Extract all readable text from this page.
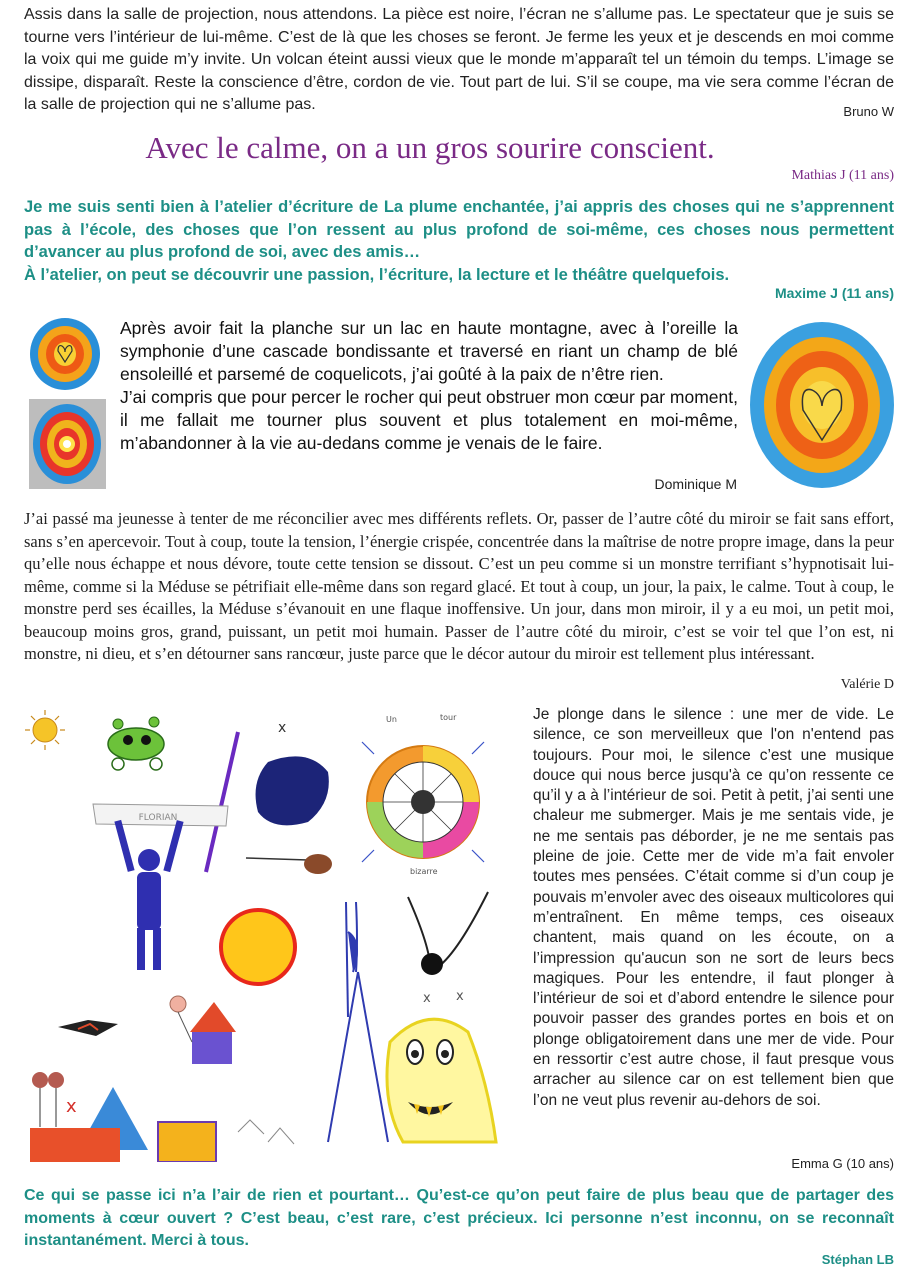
Assis dans la salle de projection, nous attendons. La pièce est noire, l’écran ne s’allume pas. Le spectateur que je suis se tourne vers l’intérieur de lui-même. C’est de là que les choses se feront. Je ferme les yeux et je descends en moi comme la voix qui me guide m’y invite. Un volcan éteint aussi vieux que le monde m’apparaît tel un témoin du temps. L’image se dissipe, disparaît. Reste la conscience d’être, cordon de vie. Tout part de lui. S’il se coupe, ma vie sera comme l’écran de la salle de projection qui ne s’allume pas.	Bruno W
Avec le calme, on a un gros sourire conscient.
Mathias J (11 ans)
Je me suis senti bien à l’atelier d’écriture de La plume enchantée, j’ai appris des choses qui ne s’apprennent pas à l’école, des choses que l’on ressent au plus profond de soi-même, ces choses nous permettent d’avancer au plus profond de soi, avec des amis…
À l’atelier, on peut se découvrir une passion, l’écriture, la lecture et le théâtre quelquefois.
Maxime J (11 ans)
Après avoir fait la planche sur un lac en haute montagne, avec à l’oreille la symphonie d’une cascade bondissante et traversé en riant un champ de blé ensoleillé et parsemé de coquelicots, j’ai goûté à la paix de n’être rien.
J’ai compris que pour percer le rocher qui peut obstruer mon cœur par moment, il me fallait me tourner plus souvent et plus totalement en moi-même, m’abandonner à la vie au-dedans comme je venais de le faire.
Dominique M
J’ai passé ma jeunesse à tenter de me réconcilier avec mes différents reflets. Or, passer de l’autre côté du miroir se fait sans effort, sans s’en apercevoir. Tout à coup, toute la tension, l’énergie crispée, concentrée dans la maîtrise de notre propre image, dans la peur qu’elle nous échappe et nous dévore, toute cette tension se dissout. C’est un peu comme si un monstre terrifiant s’hypnotisait lui-même, comme si la Méduse se pétrifiait elle-même dans son regard glacé. Et tout à coup, un jour, la paix, le calme. Tout à coup, le monstre perd ses écailles, la Méduse s’évanouit en une flaque inoffensive. Un jour, dans mon miroir, il y a eu moi, un petit moi, beaucoup moins gros, grand, puissant, un petit moi humain. Passer de l’autre côté du miroir, c’est se voir tel que l’on est, ni monstre, ni dieu, et s’en détourner sans rancœur, juste parce que le décor autour du miroir est tellement plus intéressant.
Valérie D
x
FLORIAN
Un	tour
bizarre
x x
x
Je plonge dans le silence : une mer de vide. Le silence, ce son merveilleux que l'on n'entend pas toujours. Pour moi, le silence c’est une musique douce qui nous berce jusqu'à ce qu’on ressente ce qu’il y a à l’intérieur de soi. Petit à petit, j’ai senti une chaleur me submerger. Mais je me sentais vide, je ne me sentais pas déborder, je ne me sentais pas pleine de joie. Cette mer de vide m’a fait envoler toutes mes pensées. C’était comme si d’un coup je pouvais m’envoler avec des oiseaux multicolores qui m’entraînent. En même temps, ces oiseaux chantent, mais quand on les écoute, on a l’impression qu'aucun son ne sort de leurs becs magiques. Pour les entendre, il faut plonger à l’intérieur de soi et d’abord entendre le silence pour pouvoir passer des grandes portes en bois et on plonge obligatoirement dans une mer de vide. Pour en ressortir c’est autre chose, il faut presque vous arracher au silence car on est tellement bien que l’on ne veut plus revenir au-dehors de soi.
Emma G (10 ans)
Ce qui se passe ici n’a l’air de rien et pourtant… Qu’est-ce qu’on peut faire de plus beau que de partager des moments à cœur ouvert ? C’est beau, c’est rare, c’est précieux. Ici personne n’est inconnu, on se reconnaît instantanément. Merci à tous.
Stéphan LB
